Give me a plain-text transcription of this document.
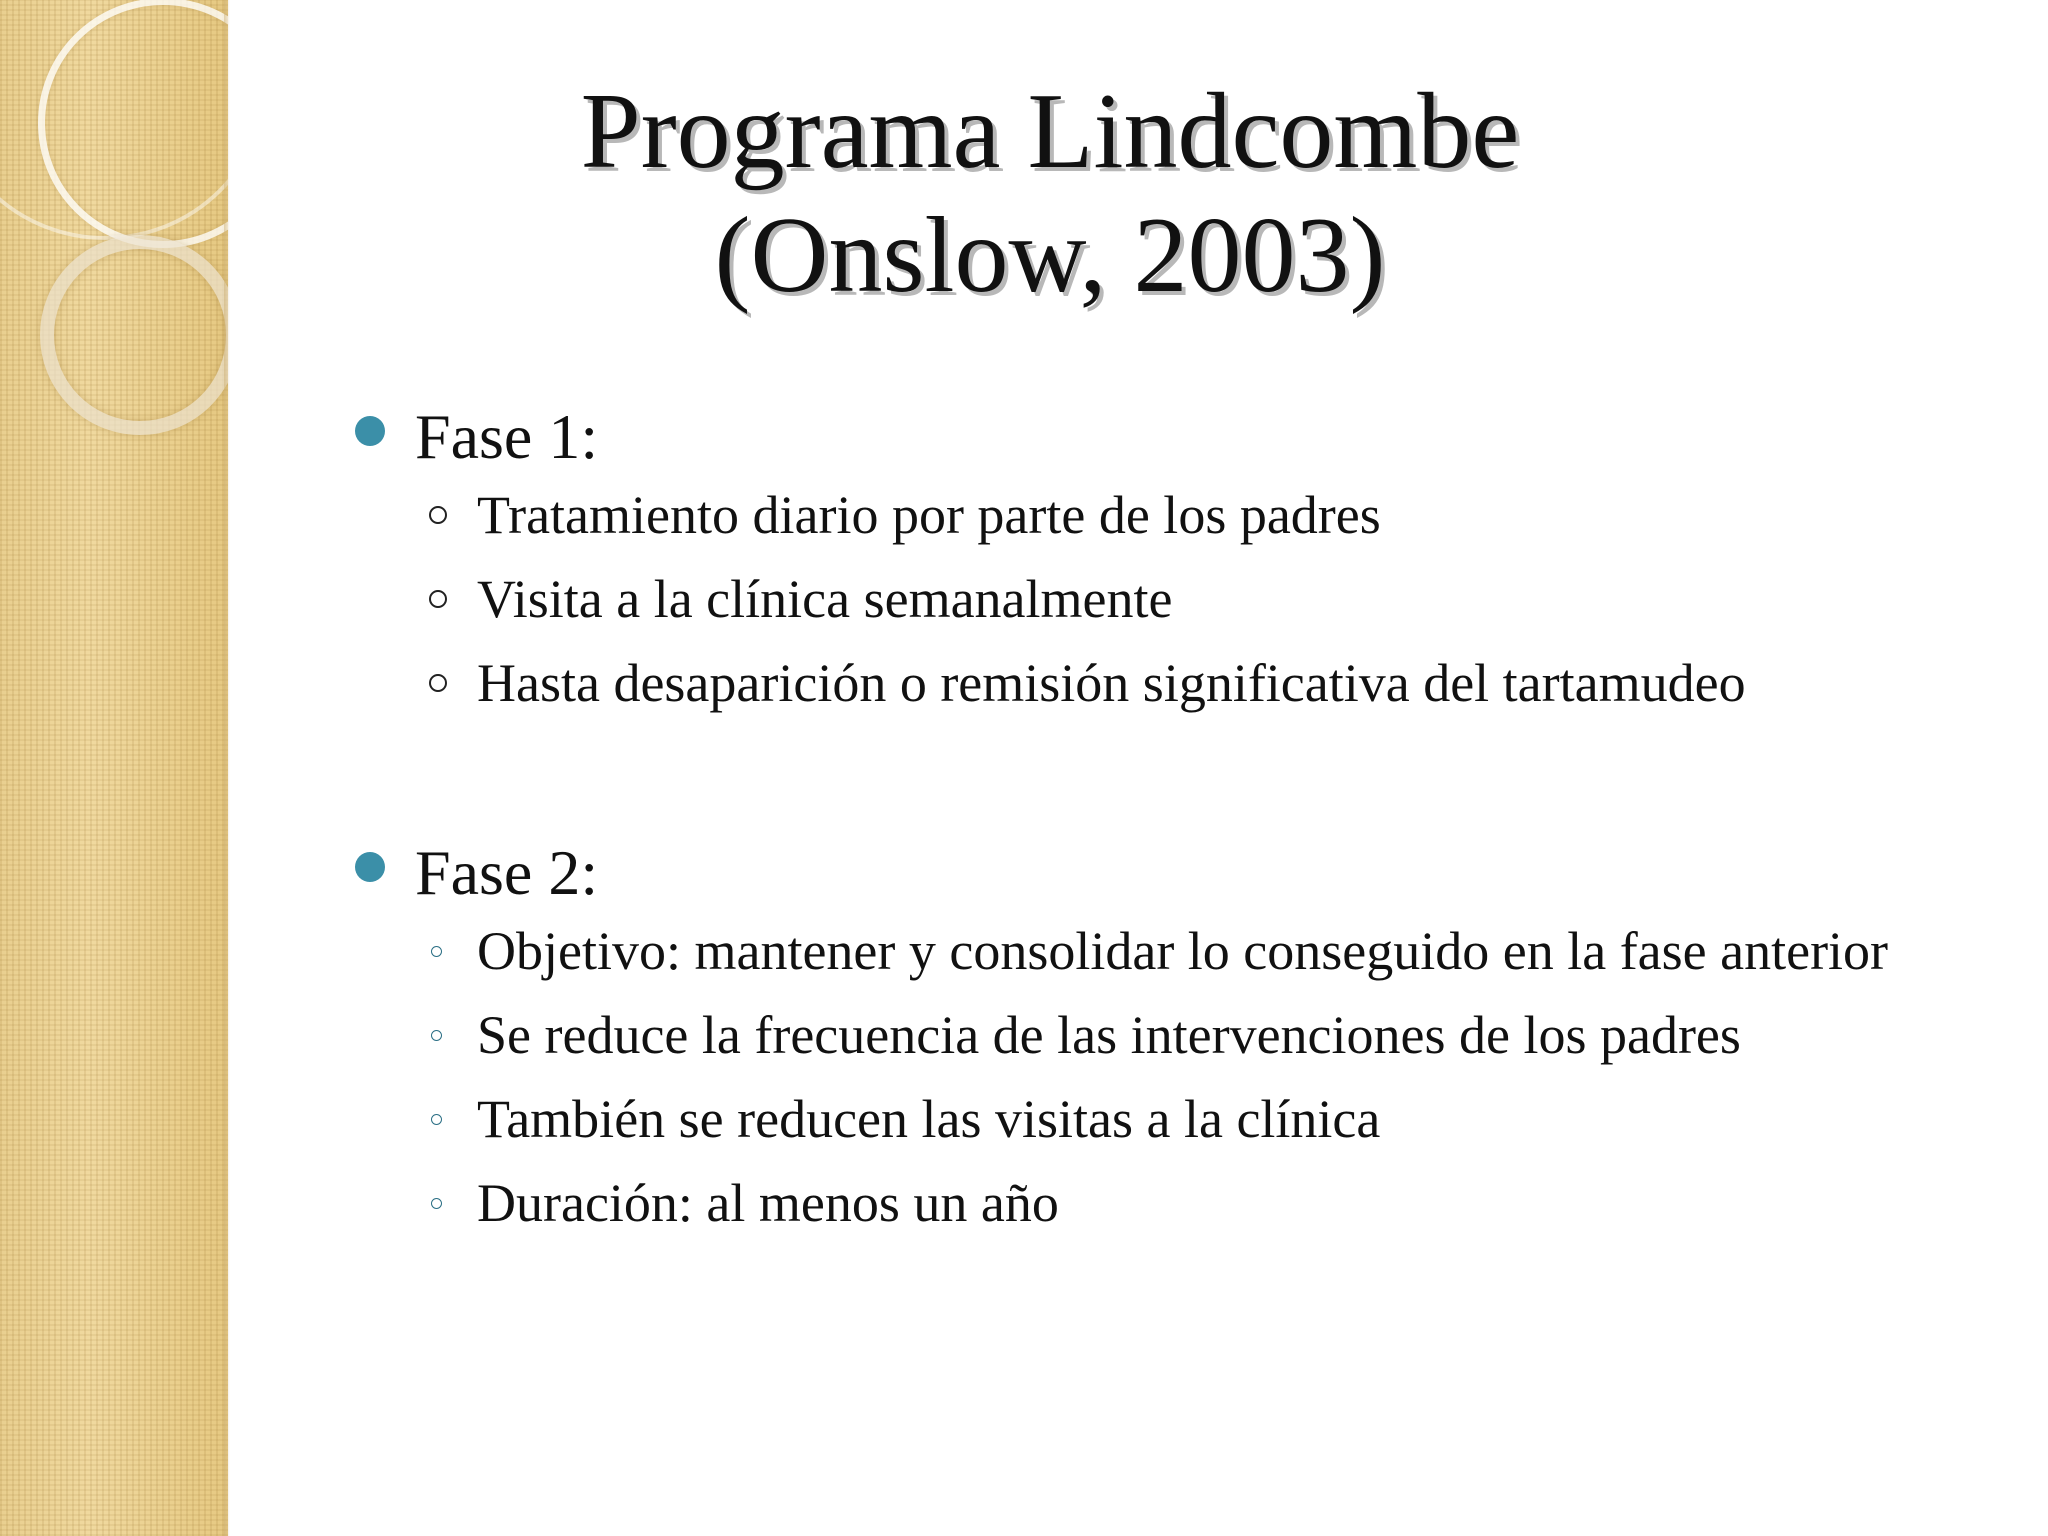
Programa Lindcombe
(Onslow, 2003)
Fase 1:
Tratamiento diario por parte de los padres
Visita a la clínica semanalmente
Hasta desaparición o remisión significativa del tartamudeo
Fase 2:
Objetivo: mantener y consolidar lo conseguido en la fase anterior
Se reduce la frecuencia de las intervenciones de los padres
También se reducen las visitas a la clínica
Duración: al menos un año
